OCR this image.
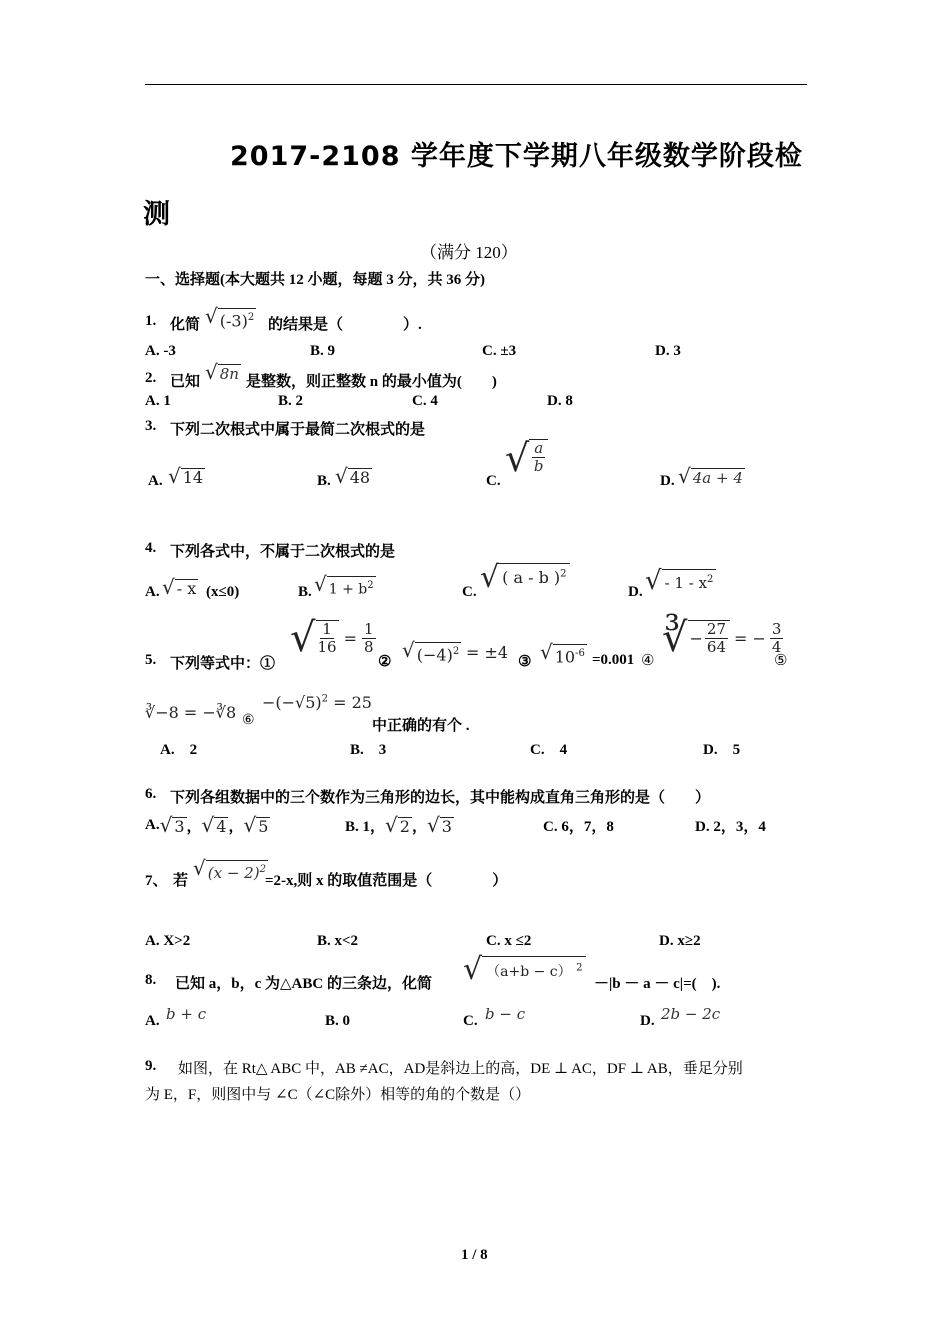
2017-2108 学年度下学期八年级数学阶段检
测
（满分 120）
一、选择题(本大题共 12 小题，每题 3 分，共 36 分)
1. 化简 √ $(-3)^2$ 的结果是（　　　　）.
A. -3	B. 9	C. ±3	D. 3
2. 已知 √ 8n 是整数，则正整数 n 的最小值为(　　)
A. 1	B. 2	C. 4	D. 8
3. 下列二次根式中属于最简二次根式的是
A. √ 14	B. √ 48	C.
√ $\frac{a}{b}$
D. √ 4a + 4
4. 下列各式中，不属于二次根式的是
A. √ - x (x≤0)	B. √ $1 + b^2$	C. √ ( a - b )$^2$
D. √ - $1 - x^2$
5. 下列等式中：①
√ $\frac{1}{16} = \frac{1}{8}$
② √ $(-4)^2 = \pm 4$ ③ √ $10^{-6} =0.001$ ④ ∛ − $\frac{27}{64}$ = − $\frac{3}{4}$
⑤
∛−8 = −∛8 ⑥
$-(-√5)^2 = 25$
中正确的有个 .
A.　2	B.　3	C.　4	D.　5
6. 下列各组数据中的三个数作为三角形的边长，其中能构成直角三角形的是（　　）
A. √ 3 ， √ 4 ， √ 5	B. 1， √ 2 ， √ 3	C. 6，7，8	D. 2，3，4
7、 若
√ $(x - 2)^2$
=2-x,则 x 的取值范围是（　　　　）
A. X>2	B. x<2	C. x ≤2	D. x≥2
8. 已知 a，b，c 为△ABC 的三条边，化简 √ （a+b − c） $^2$
－|b － a － c|=(　).
A. b + c	B. 0	C. b − c	D. 2b − 2c
9. 如图，在 Rt△ ABC 中，AB ≠AC，AD是斜边上的高，DE ⊥ AC，DF ⊥ AB，垂足分别
为 E，F，则图中与 ∠C（∠C除外）相等的角的个数是（）
1 / 8
